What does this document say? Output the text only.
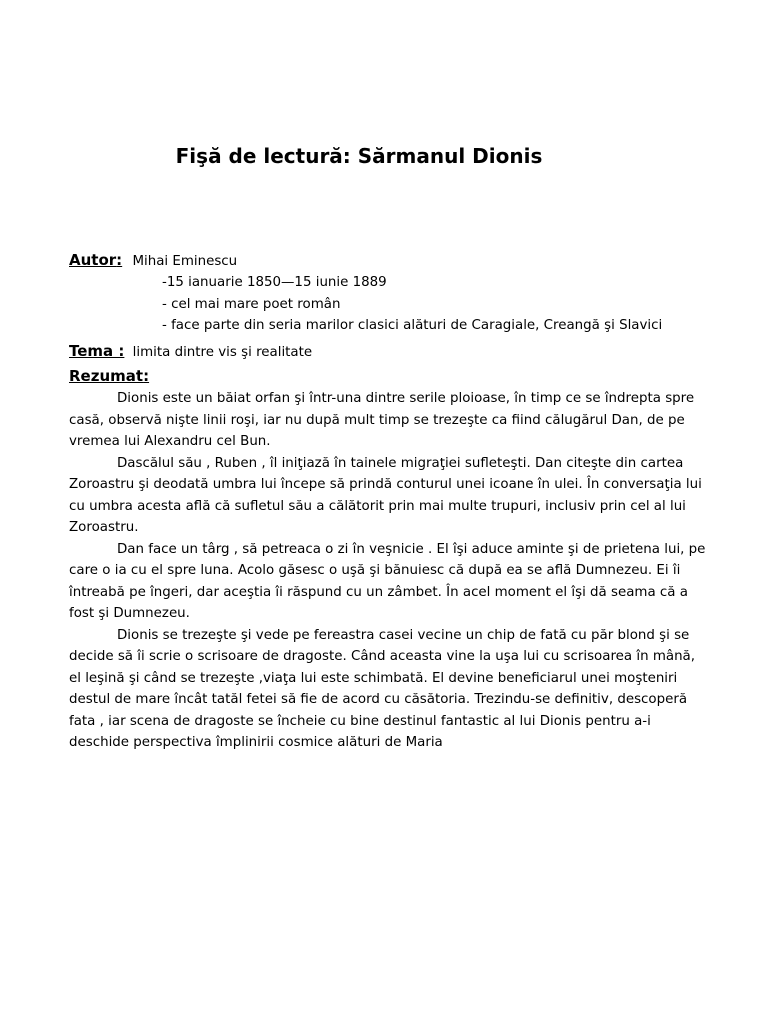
Fişă de lectură: Sărmanul Dionis
Autor: Mihai Eminescu
-15 ianuarie 1850—15 iunie 1889
- cel mai mare poet român
- face parte din seria marilor clasici alături de Caragiale, Creangă şi Slavici
Tema : limita dintre vis şi realitate
Rezumat:

Dionis este un băiat orfan şi într-una dintre serile ploioase, în timp ce se îndrepta spre casă, observă nişte linii roşi, iar nu după mult timp se trezeşte ca fiind călugărul Dan, de pe vremea lui Alexandru cel Bun.

Dascălul său , Ruben , îl iniţiază în tainele migraţiei sufleteşti. Dan citeşte din cartea Zoroastru şi deodată umbra lui începe să prindă conturul unei icoane în ulei. În conversaţia lui cu umbra acesta află că sufletul său a călătorit prin mai multe trupuri, inclusiv prin cel al lui Zoroastru.

Dan face un târg , să petreaca o zi în veşnicie . El îşi aduce aminte şi de prietena lui, pe care o ia cu el spre luna. Acolo găsesc o uşă şi bănuiesc că după ea se află Dumnezeu. Ei îi întreabă pe îngeri, dar aceştia îi răspund cu un zâmbet. În acel moment el îşi dă seama că a fost şi Dumnezeu.

Dionis se trezeşte şi vede pe fereastra casei vecine un chip de fată cu păr blond şi se decide să îi scrie o scrisoare de dragoste. Când aceasta vine la uşa lui cu scrisoarea în mână, el leşină şi când se trezeşte ,viaţa lui este schimbată. El devine beneficiarul unei moşteniri destul de mare încât tatăl fetei să fie de acord cu căsătoria. Trezindu-se definitiv, descoperă fata , iar scena de dragoste se încheie cu bine destinul fantastic al lui Dionis pentru a-i deschide perspectiva împlinirii cosmice alături de Maria
